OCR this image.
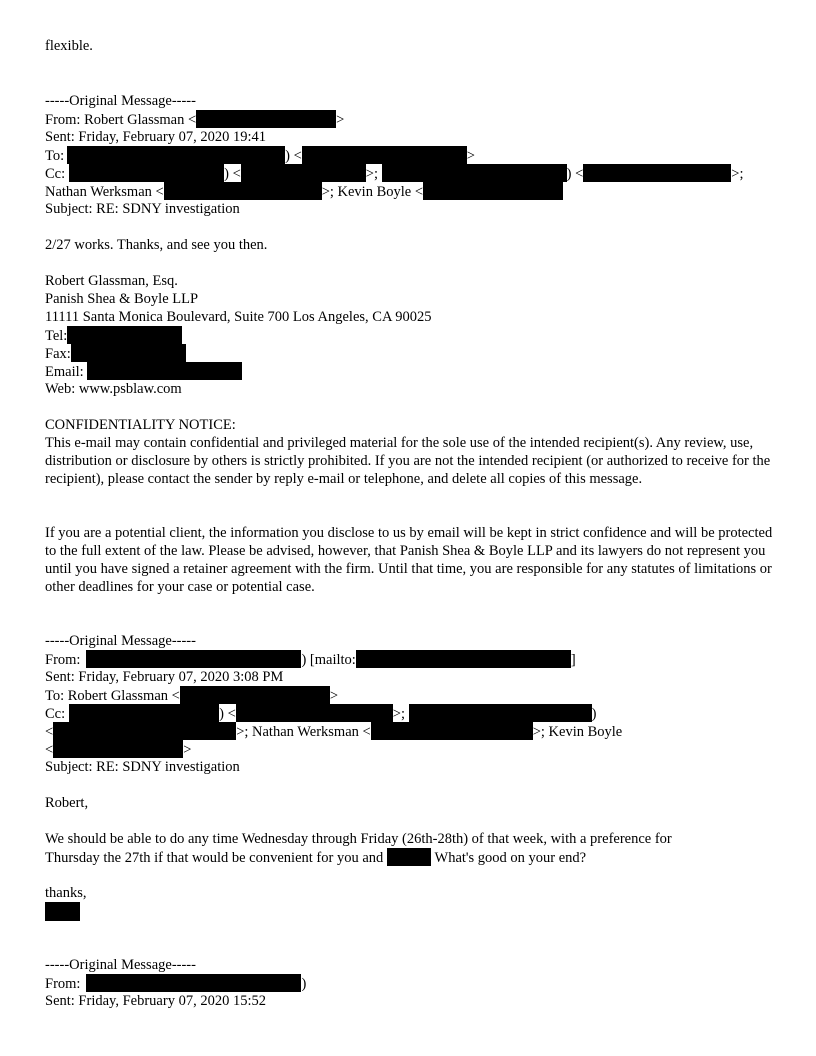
flexible.
-----Original Message-----
From: Robert Glassman <	>
Sent: Friday, February 07, 2020 19:41
To:	) <	>
Cc:	) <	>;	) <	>;
Nathan Werksman <	>; Kevin Boyle <
Subject: RE: SDNY investigation
2/27 works. Thanks, and see you then.
Robert Glassman, Esq.
Panish Shea & Boyle LLP
11111 Santa Monica Boulevard, Suite 700 Los Angeles, CA 90025
Tel:
Fax:
Email:
Web: www.psblaw.com
CONFIDENTIALITY NOTICE:
This e-mail may contain confidential and privileged material for the sole use of the intended recipient(s). Any review, use, distribution or disclosure by others is strictly prohibited. If you are not the intended recipient (or authorized to receive for the recipient), please contact the sender by reply e-mail or telephone, and delete all copies of this message.
If you are a potential client, the information you disclose to us by email will be kept in strict confidence and will be protected to the full extent of the law. Please be advised, however, that Panish Shea & Boyle LLP and its lawyers do not represent you until you have signed a retainer agreement with the firm. Until that time, you are responsible for any statutes of limitations or other deadlines for your case or potential case.
-----Original Message-----
From:	) [mailto:	]
Sent: Friday, February 07, 2020 3:08 PM
To: Robert Glassman <	>
Cc:	) <	>;	)
<	>; Nathan Werksman <	>; Kevin Boyle
<	>
Subject: RE: SDNY investigation
Robert,
We should be able to do any time Wednesday through Friday (26th-28th) of that week, with a preference for
Thursday the 27th if that would be convenient for you and	What's good on your end?
thanks,
-----Original Message-----
From:	)
Sent: Friday, February 07, 2020 15:52
